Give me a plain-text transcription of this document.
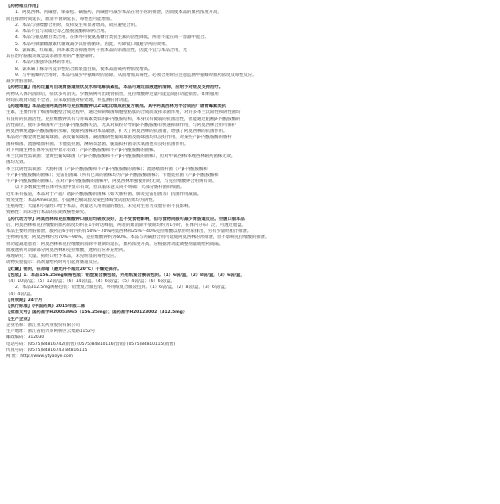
【药物相互作用】
1．阿莫西林、丙磺舒、保泰松、磺胺药、丙磺舒可减少本品在肾小管的排泄，因而使本品的血药浓度升高，
而且排泄时间延长，血清半衰期延长，毒性也可能增加。
2．本品与别嘌醇合用时，皮疹发生率显著增高，故应避免合用。
3．本品不宜与双硫仑等乙醛脱氢酶抑制药合用。
4．本品与氨基糖苷类合用，在体外可使氨基糖苷类抗生素的活性降低，两者不能在同一容器中混合。
5．本品可刺激雌激素代谢或减少其肝肠循环，因此，可降低口服避孕药的效果。
6．氯霉素、红霉素、四环素类等抑菌剂可干扰本品的杀菌活性，因此不宜与本品合用，尤
其在治疗脑膜炎或急需杀菌作用的严重感染时。
7．本品可加强华法林的作用。
8．氯苯磺丁脲等可竞争性结合血浆蛋白质，使本品游离药物浓度增高。
9．与甲氨蝶呤合用时，本品可减少甲氨蝶呤的清除，从而增加其毒性。必须合用时应注意监测甲氨蝶呤血药浓度及毒性反应。
减少肾脏清除。
【药物过量】用药过量可出现胃肠道症状及水和电解质紊乱，本品可通过血液透析清除，应给予对症及支持治疗。
药物从人体内清除后，症状多可消失。少数病例可出现肾损害，克拉维酸钾过量可能造成肝功能损害。如果服用
时间长或肾功能不全者，应采取措施对症处理，并监测肝肾功能。
【药理毒理】本品是由阿莫西林与克拉维酸钾以2∶1配比组成的复方制剂。其中阿莫西林为半合成的广谱青霉素类抗
生素，主要作用于细菌细胞壁合成过程中，通过抑制细菌细胞壁粘肽的合成而发挥杀菌作用，对许多革兰氏阳性和阴性菌均
有良好的抗菌活性。克拉维酸钾具有与青霉素类似的β-内酰胺结构，本身仅有微弱的抗菌活性，但能通过阻断β-内酰胺酶的
活性部位，使许多细菌所产生的β-内酰胺酶失活，尤其对质粒介导的β-内酰胺酶有快速抑制作用，与阿莫西林合用可保护
阿莫西林免遭β-内酰胺酶的水解，使耐药菌株对本品敏感，扩大了阿莫西林的抗菌谱，增强了阿莫西林的抗菌作用。
本品对产酶金黄色葡萄球菌、表皮葡萄球菌、凝固酶阴性葡萄球菌及肠球菌均具良好作用，对某些产β-内酰胺酶的肠杆
菌科细菌、流感嗜血杆菌、卡他莫拉菌、淋病奈瑟菌、脆弱拟杆菌等厌氧菌也有良好抗菌作用。
对下列微生物在体外实验中显示有效：产β-内酰胺酶和不产β-内酰胺酶的菌株。
革兰氏阳性需氧菌：金黄色葡萄球菌（产β-内酰胺酶和不产β-内酰胺酶的菌株），但对甲氧西林/苯唑西林耐药菌株无效。
菌均无效。
革兰氏阴性需氧菌：大肠杆菌（产β-内酰胺酶和不产β-内酰胺酶的菌株）；流感嗜血杆菌（产β-内酰胺酶和
不产β-内酰胺酶的菌株）；克雷伯菌属（所有已知的菌株均为产β-内酰胺酶菌株）；卡他莫拉菌（产β-内酰胺酶和
不产β-内酰胺酶的菌株）。在对产β-内酰胺酶的菌株中，阿莫西林单独使用时无效，与克拉维酸钾合用则有效。
以下多数微生物在体外实验中显示有效，但其临床意义尚不明确：大部分肠杆菌科细菌。
近年来有报道，本品对于产超广谱β-内酰胺酶的菌株（如大肠杆菌、肺炎克雷伯菌等）抗菌作用减弱。
致突变性：本品Ames试验、小鼠淋巴瘤试验及染色体畸变试验结果均为阴性。
生殖毒性：大鼠和小鼠经口给予本品，剂量达人用剂量的数倍，未见对生育力及胎仔的不良影响。
致癌性：尚未进行本品的长期致癌性研究。
【药代动力学】阿莫西林和克拉维酸钾口服后均吸收良好，且不受食物影响，但与食物同服可减少胃肠道反应。空腹口服本品
后，阿莫西林和克拉维酸的血药浓度均约在1小时达峰值，两者的血消除半衰期均约为1小时，在体内分布广泛，可透过胎盘。
本品主要经肾脏排泄，服药后6小时内约有50%～70%阿莫西林和25%～40%克拉维酸以原形经尿排出，另有少量经胆汁排泄。
生物利用度：阿莫西林约为70%～90%，克拉维酸钾约为60%。本品与丙磺舒合用可延缓阿莫西林的肾排泄，但不影响克拉维酸的排泄。
肾功能减退患者：阿莫西林和克拉维酸的消除半衰期均延长，血药浓度升高，应根据肾功能调整剂量或给药间隔。
血液透析可清除部分阿莫西林和克拉维酸，透析后应补充给药。
毒理研究：大鼠、狗经口给予本品，未见明显的毒性反应。
动物实验提示：高剂量给药时可引起胃肠道反应。
【贮藏】密封，在凉暗（避光并不超过20℃）干燥处保存。
【包装】1．本品156.25mg规格包装：铝塑复合膜包装，外用纸复合膜袋包封。（1）6袋/盒，（2）8袋/盒，（3）6袋/盒，
（4）10袋/盒；（5）12袋/盒；（6）14袋/盒，（4）6袋/盒；（5）4袋/盒；（6）6袋/盒。
2．本品312.5mg规格包装：铝塑复合膜包装，外用纸复合膜袋包封。（1）6袋/盒，（2）8袋/盒，（3）6袋/盒，
（4）4袋/盒。
【有效期】24个月
【执行标准】《中国药典》2015年版二部
【批准文号】国药准字H20053965（156.25mg）；国药准字H20123002（312.5mg）
【生产企业】
企业名称：浙江亚太药业股份有限公司
生产地址：浙江省绍兴市柯桥区云集路1152号
邮政编码：312030
电话号码：(0575)84816742(销售) (0575)84810116(营销) (0575)84810115(销售)
传真号码：(0575)84816743 84816115
网 址：http://www.ytyaoye.com
